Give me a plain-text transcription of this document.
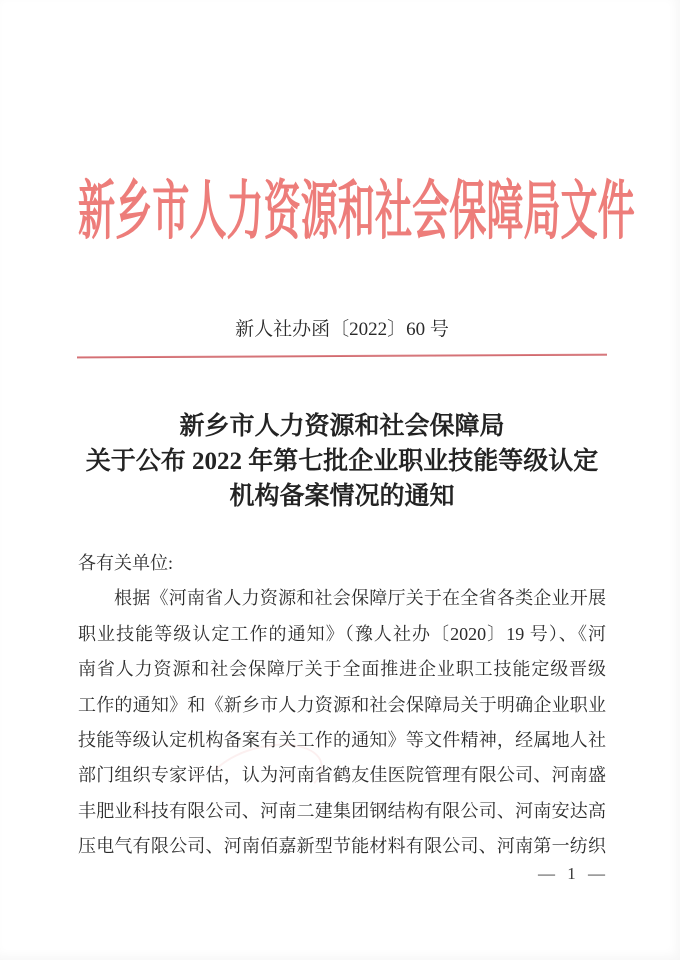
新乡市人力资源和社会保障局文件
新人社办函〔2022〕60 号
新乡市人力资源和社会保障局
关于公布 2022 年第七批企业职业技能等级认定
机构备案情况的通知
各有关单位:
根据《河南省人力资源和社会保障厅关于在全省各类企业开展
职业技能等级认定工作的通知》（豫人社办〔2020〕19 号）、《河
南省人力资源和社会保障厅关于全面推进企业职工技能定级晋级
工作的通知》和《新乡市人力资源和社会保障局关于明确企业职业
技能等级认定机构备案有关工作的通知》等文件精神，经属地人社
部门组织专家评估，认为河南省鹤友佳医院管理有限公司、河南盛
丰肥业科技有限公司、河南二建集团钢结构有限公司、河南安达高
压电气有限公司、河南佰嘉新型节能材料有限公司、河南第一纺织
— 1 —
